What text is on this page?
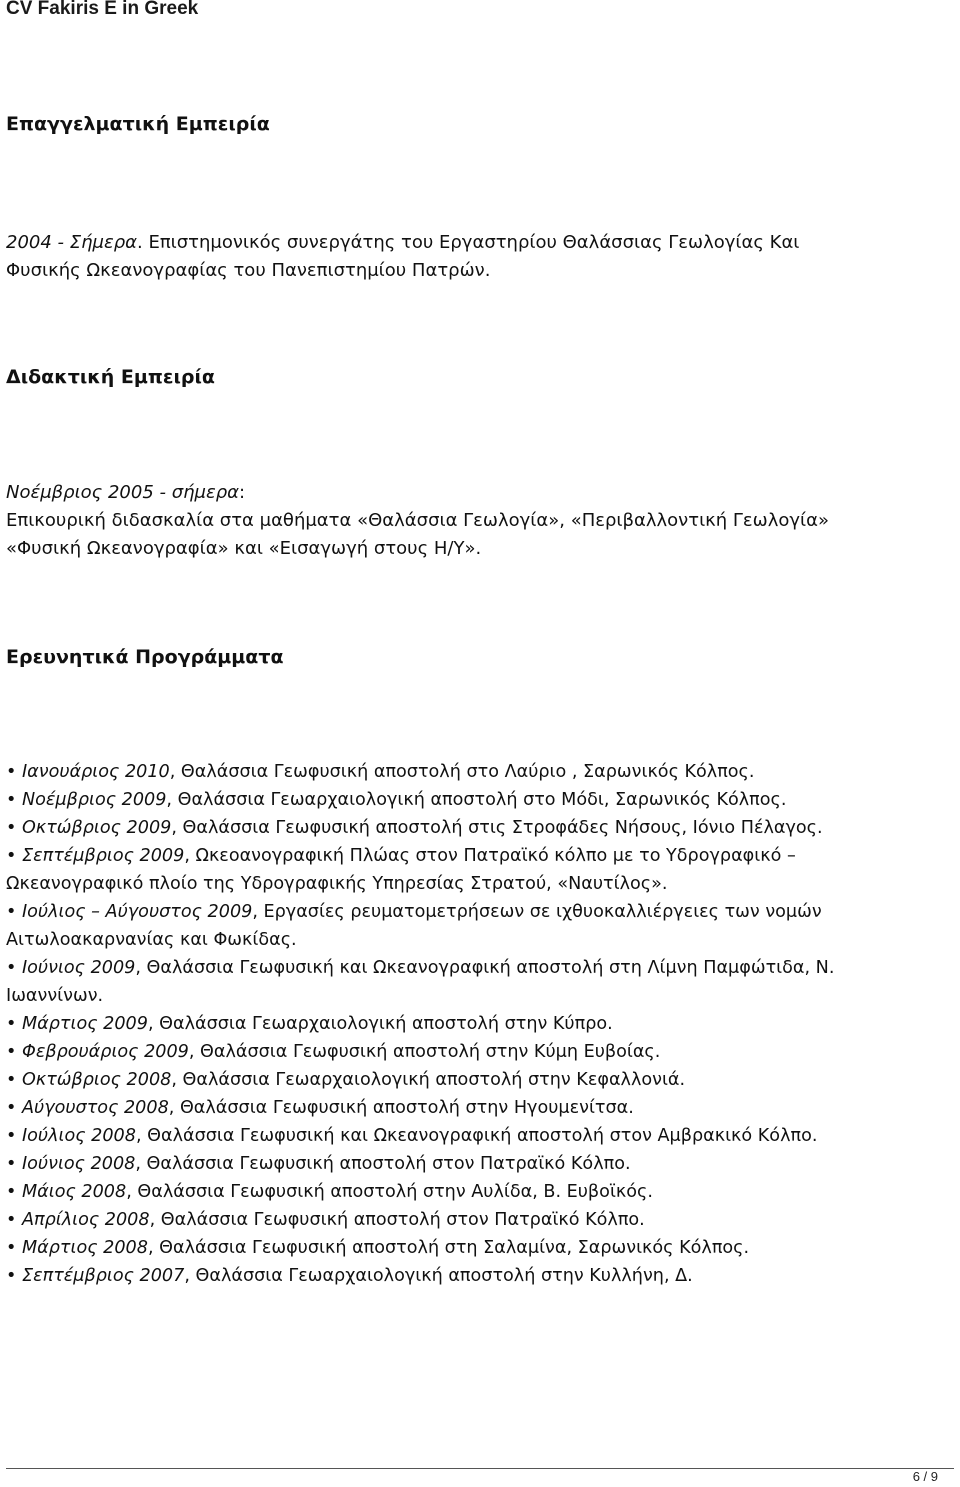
CV Fakiris E in Greek
Επαγγελματική Εμπειρία
2004 - Σήμερα. Επιστημονικός συνεργάτης του Εργαστηρίου Θαλάσσιας Γεωλογίας Και
Φυσικής Ωκεανογραφίας του Πανεπιστημίου Πατρών.
Διδακτική Εμπειρία
Νοέμβριος 2005 - σήμερα:
Επικουρική διδασκαλία στα μαθήματα «Θαλάσσια Γεωλογία», «Περιβαλλοντική Γεωλογία»
«Φυσική Ωκεανογραφία» και «Εισαγωγή στους Η/Υ».
Ερευνητικά Προγράμματα
• Ιανουάριος 2010, Θαλάσσια Γεωφυσική αποστολή στο Λαύριο , Σαρωνικός Κόλπος.
• Νοέμβριος 2009, Θαλάσσια Γεωαρχαιολογική αποστολή στο Μόδι, Σαρωνικός Κόλπος.
• Οκτώβριος 2009, Θαλάσσια Γεωφυσική αποστολή στις Στροφάδες Νήσους, Ιόνιο Πέλαγος.
• Σεπτέμβριος 2009, Ωκεοανογραφική Πλώας στον Πατραϊκό κόλπο με το Υδρογραφικό – Ωκεανογραφικό πλοίο της Υδρογραφικής Υπηρεσίας Στρατού, «Ναυτίλος».
• Ιούλιος – Αύγουστος 2009, Εργασίες ρευματομετρήσεων σε ιχθυοκαλλιέργειες των νομών Αιτωλοακαρνανίας και Φωκίδας.
• Ιούνιος 2009, Θαλάσσια Γεωφυσική και Ωκεανογραφική αποστολή στη Λίμνη Παμφώτιδα, Ν. Ιωαννίνων.
• Μάρτιος 2009, Θαλάσσια Γεωαρχαιολογική αποστολή στην Κύπρο.
• Φεβρουάριος 2009, Θαλάσσια Γεωφυσική αποστολή στην Κύμη Ευβοίας.
• Οκτώβριος 2008, Θαλάσσια Γεωαρχαιολογική αποστολή στην Κεφαλλονιά.
• Αύγουστος 2008, Θαλάσσια Γεωφυσική αποστολή στην Ηγουμενίτσα.
• Ιούλιος 2008, Θαλάσσια Γεωφυσική και Ωκεανογραφική αποστολή στον Αμβρακικό Κόλπο.
• Ιούνιος 2008, Θαλάσσια Γεωφυσική αποστολή στον Πατραϊκό Κόλπο.
• Μάιος 2008, Θαλάσσια Γεωφυσική αποστολή στην Αυλίδα, Β. Ευβοϊκός.
• Απρίλιος 2008, Θαλάσσια Γεωφυσική αποστολή στον Πατραϊκό Κόλπο.
• Μάρτιος 2008, Θαλάσσια Γεωφυσική αποστολή στη Σαλαμίνα, Σαρωνικός Κόλπος.
• Σεπτέμβριος 2007, Θαλάσσια Γεωαρχαιολογική αποστολή στην Κυλλήνη, Δ.
6 / 9
